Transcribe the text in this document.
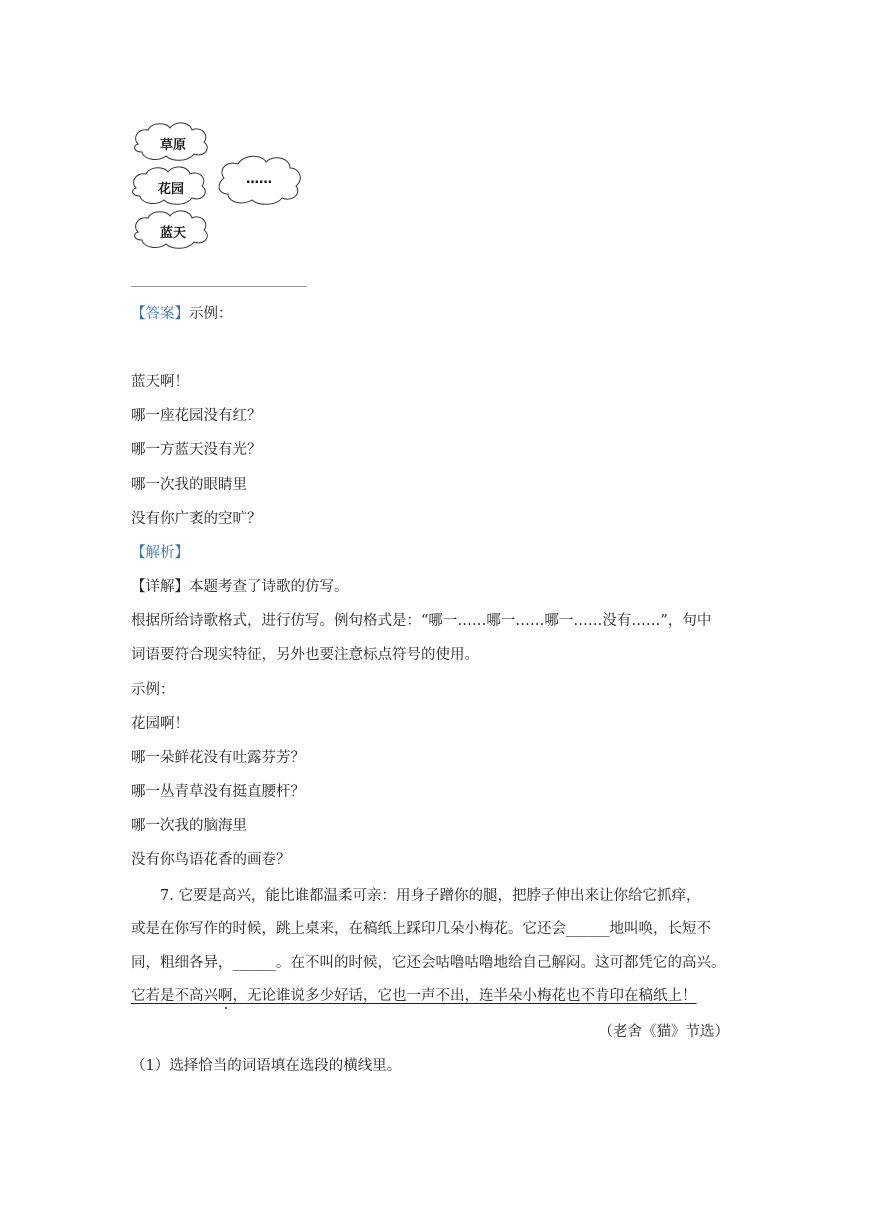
草原
花园
蓝天
……
【答案】示例：
蓝天啊！
哪一座花园没有红？
哪一方蓝天没有光？
哪一次我的眼睛里
没有你广袤的空旷？
【解析】
【详解】本题考查了诗歌的仿写。
根据所给诗歌格式，进行仿写。例句格式是：“哪一……哪一……哪一……没有……”，句中
词语要符合现实特征，另外也要注意标点符号的使用。
示例：
花园啊！
哪一朵鲜花没有吐露芬芳？
哪一丛青草没有挺直腰杆？
哪一次我的脑海里
没有你鸟语花香的画卷？
7. 它要是高兴，能比谁都温柔可亲：用身子蹭你的腿，把脖子伸出来让你给它抓痒，
或是在你写作的时候，跳上桌来，在稿纸上踩印几朵小梅花。它还会______地叫唤，长短不
同，粗细各异，______。在不叫的时候，它还会咕噜咕噜地给自己解闷。这可都凭它的高兴。
它若是不高兴啊，无论谁说多少好话，它也一声不出，连半朵小梅花也不肯印在稿纸上！
（老舍《猫》节选）
（1）选择恰当的词语填在选段的横线里。
